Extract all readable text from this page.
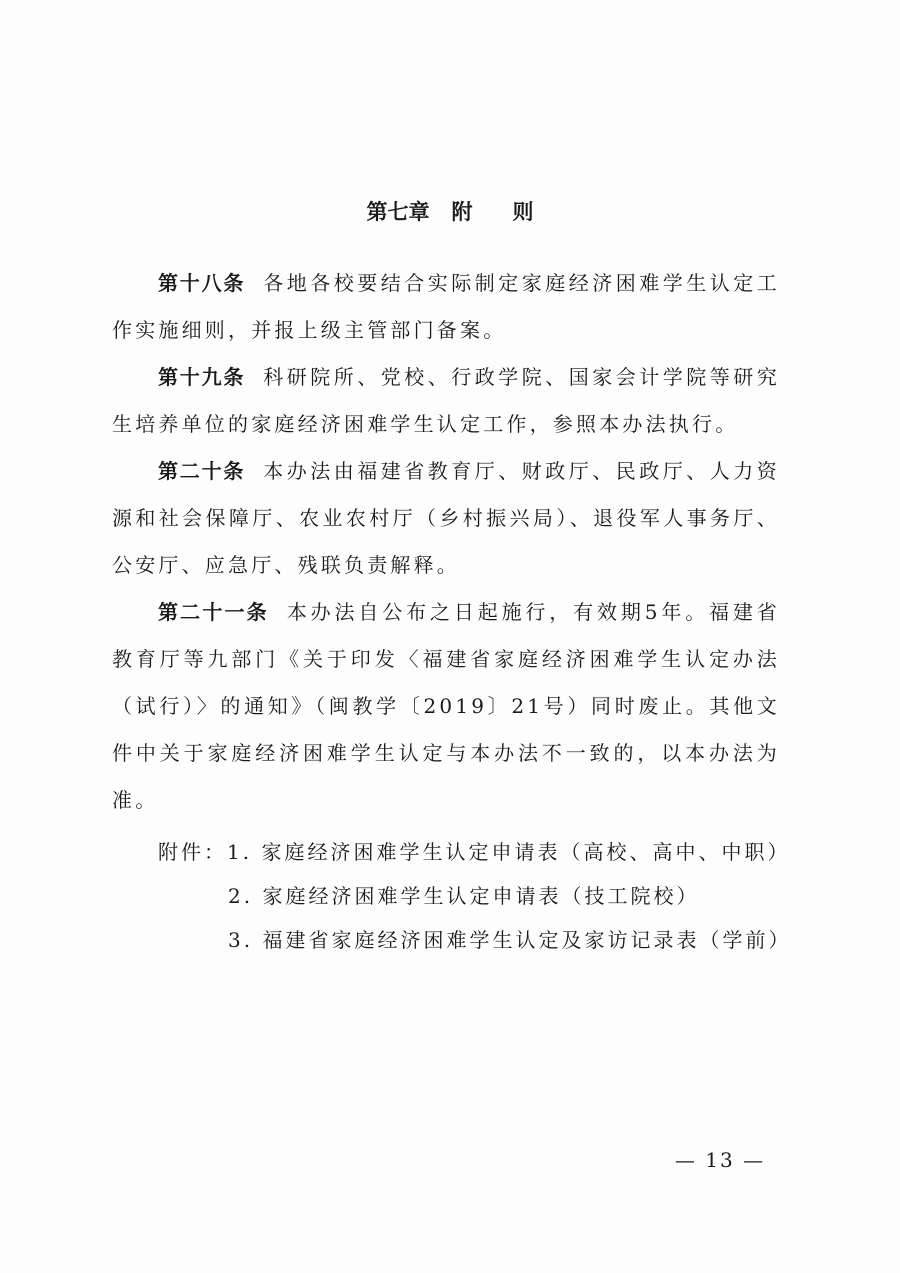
第七章 附 则

第十八条 各地各校要结合实际制定家庭经济困难学生认定工作实施细则，并报上级主管部门备案。

第十九条 科研院所、党校、行政学院、国家会计学院等研究生培养单位的家庭经济困难学生认定工作，参照本办法执行。

第二十条 本办法由福建省教育厅、财政厅、民政厅、人力资源和社会保障厅、农业农村厅（乡村振兴局）、退役军人事务厅、公安厅、应急厅、残联负责解释。

第二十一条 本办法自公布之日起施行，有效期5年。福建省教育厅等九部门《关于印发〈福建省家庭经济困难学生认定办法（试行）〉的通知》（闽教学〔2019〕21号）同时废止。其他文件中关于家庭经济困难学生认定与本办法不一致的，以本办法为准。

附件：1. 家庭经济困难学生认定申请表（高校、高中、中职）
2. 家庭经济困难学生认定申请表（技工院校）
3. 福建省家庭经济困难学生认定及家访记录表（学前）
— 13 —
